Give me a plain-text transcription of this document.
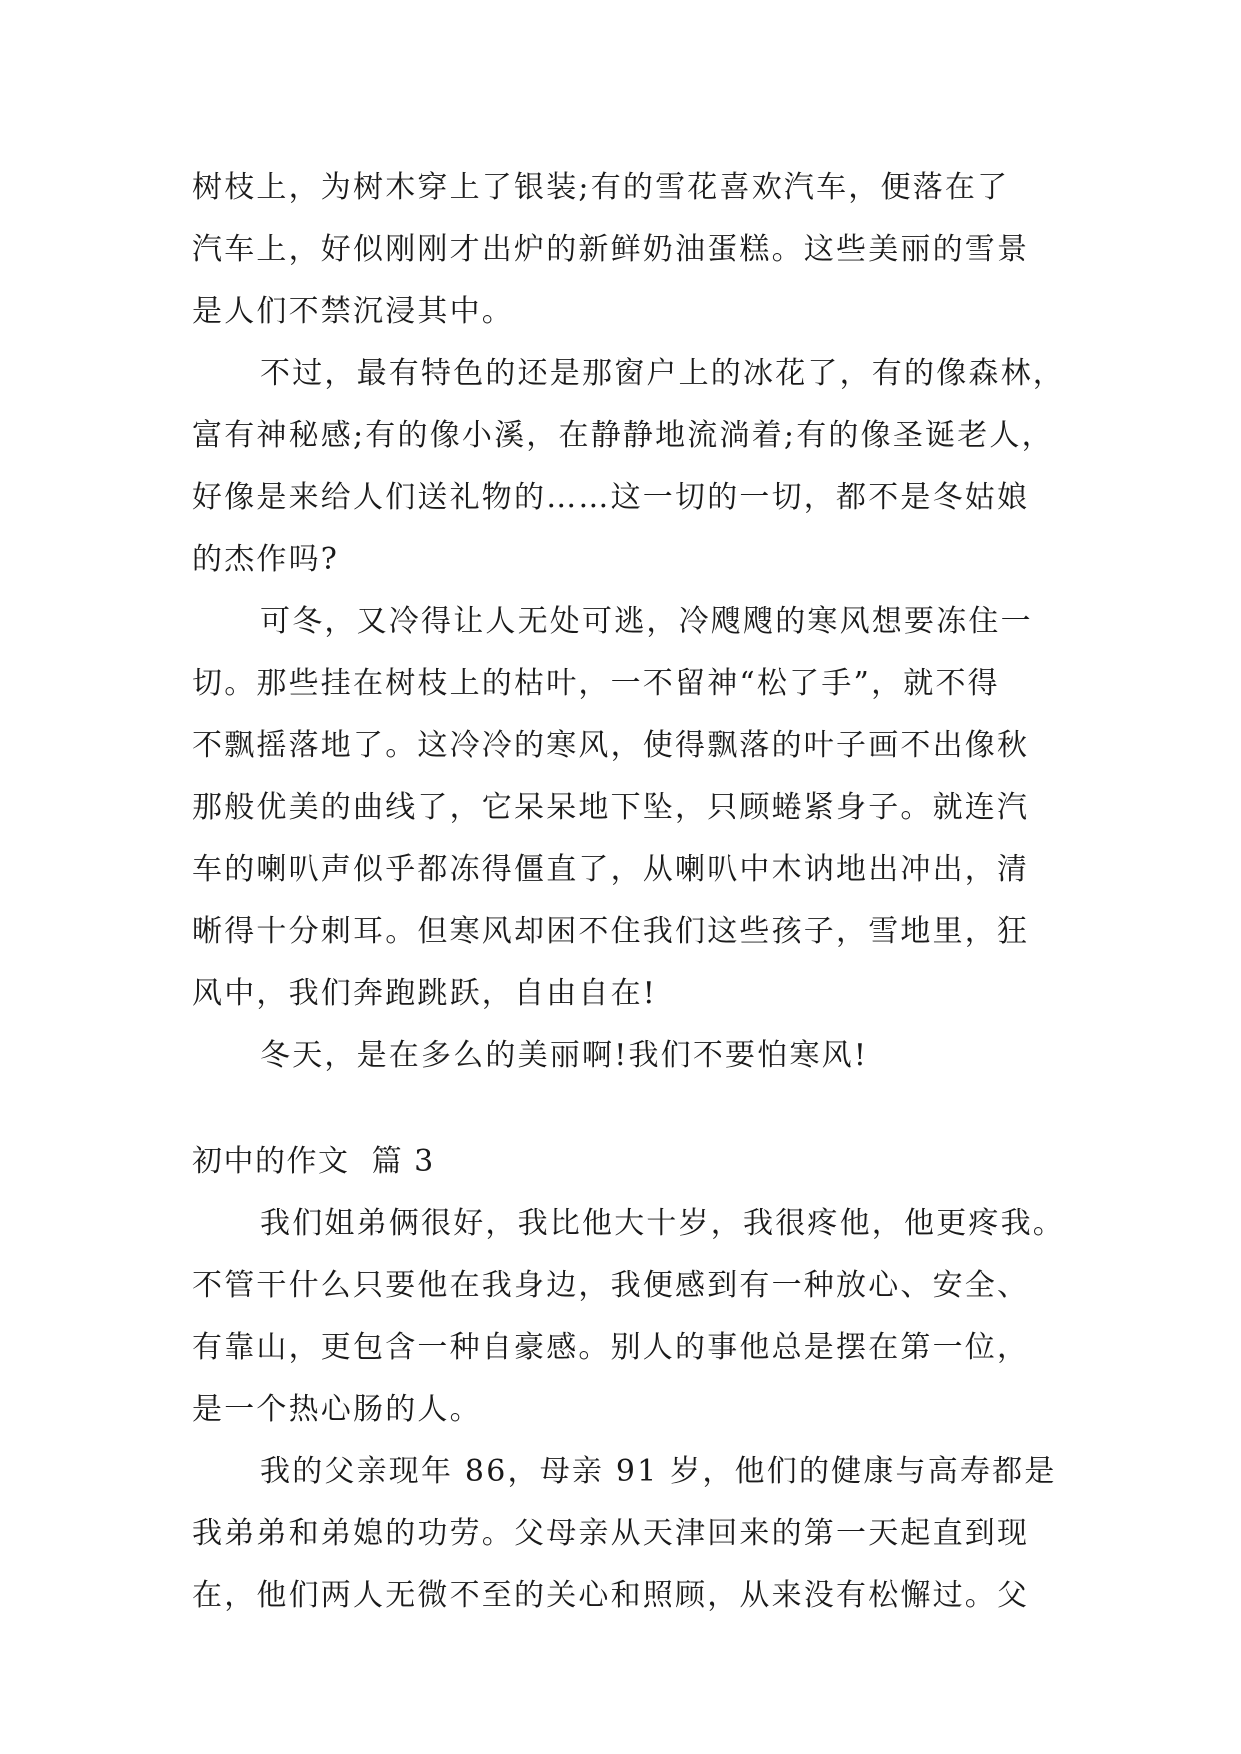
树枝上，为树木穿上了银装;有的雪花喜欢汽车，便落在了
汽车上，好似刚刚才出炉的新鲜奶油蛋糕。这些美丽的雪景
是人们不禁沉浸其中。
不过，最有特色的还是那窗户上的冰花了，有的像森林，
富有神秘感;有的像小溪，在静静地流淌着;有的像圣诞老人，
好像是来给人们送礼物的……这一切的一切，都不是冬姑娘
的杰作吗?
可冬，又冷得让人无处可逃，冷飕飕的寒风想要冻住一
切。那些挂在树枝上的枯叶，一不留神“松了手”，就不得
不飘摇落地了。这冷冷的寒风，使得飘落的叶子画不出像秋
那般优美的曲线了，它呆呆地下坠，只顾蜷紧身子。就连汽
车的喇叭声似乎都冻得僵直了，从喇叭中木讷地出冲出，清
晰得十分刺耳。但寒风却困不住我们这些孩子，雪地里，狂
风中，我们奔跑跳跃，自由自在!
冬天，是在多么的美丽啊!我们不要怕寒风!
初中的作文  篇 3
我们姐弟俩很好，我比他大十岁，我很疼他，他更疼我。
不管干什么只要他在我身边，我便感到有一种放心、安全、
有靠山，更包含一种自豪感。别人的事他总是摆在第一位，
是一个热心肠的人。
我的父亲现年 86，母亲 91 岁，他们的健康与高寿都是
我弟弟和弟媳的功劳。父母亲从天津回来的第一天起直到现
在，他们两人无微不至的关心和照顾，从来没有松懈过。父
